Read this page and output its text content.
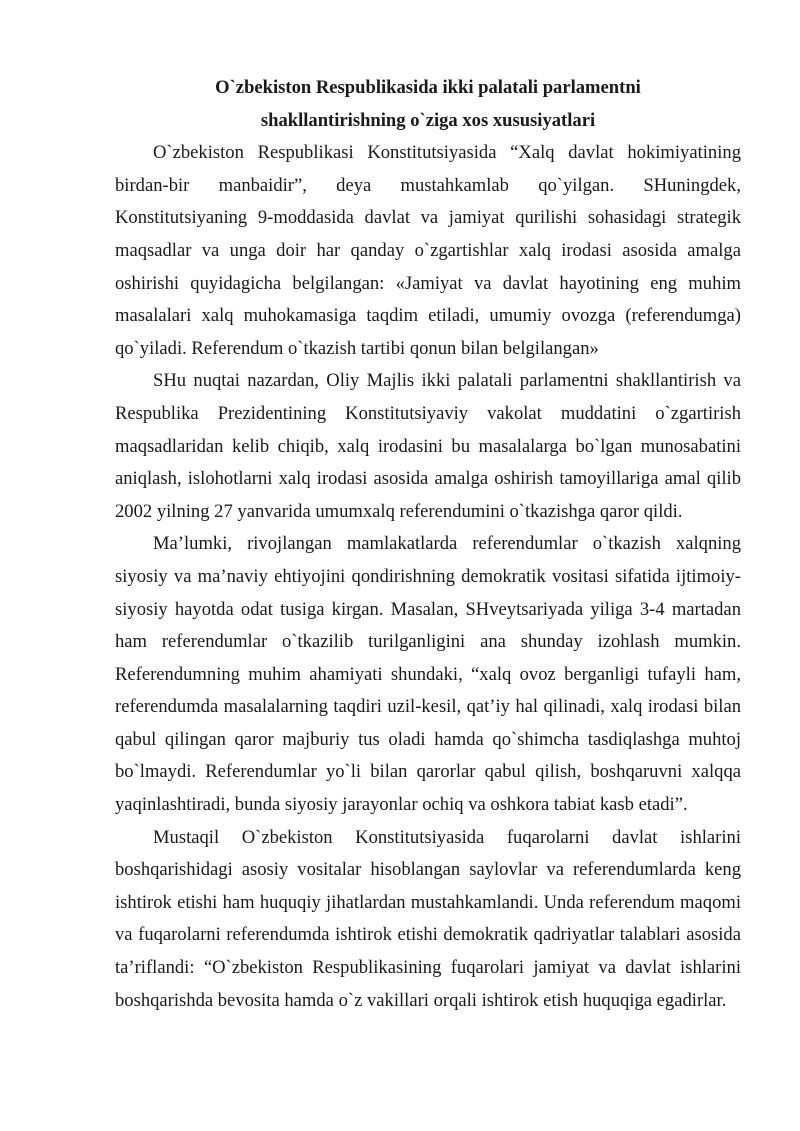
O`zbekiston Respublikasida ikki palatali parlamentni

shakllantirishning o`ziga xos xususiyatlari

O`zbekiston Respublikasi Konstitutsiyasida “Xalq davlat hokimiyatining birdan-bir manbaidir”, deya mustahkamlab qo`yilgan. SHuningdek, Konstitutsiyaning 9-moddasida davlat va jamiyat qurilishi sohasidagi strategik maqsadlar va unga doir har qanday o`zgartishlar xalq irodasi asosida amalga oshirishi quyidagicha belgilangan: «Jamiyat va davlat hayotining eng muhim masalalari xalq muhokamasiga taqdim etiladi, umumiy ovozga (referendumga) qo`yiladi. Referendum o`tkazish tartibi qonun bilan belgilangan»

SHu nuqtai nazardan, Oliy Majlis ikki palatali parlamentni shakllantirish va Respublika Prezidentining Konstitutsiyaviy vakolat muddatini o`zgartirish maqsadlaridan kelib chiqib, xalq irodasini bu masalalarga bo`lgan munosabatini aniqlash, islohotlarni xalq irodasi asosida amalga oshirish tamoyillariga amal qilib 2002 yilning 27 yanvarida umumxalq referendumini o`tkazishga qaror qildi.

Ma’lumki, rivojlangan mamlakatlarda referendumlar o`tkazish xalqning siyosiy va ma’naviy ehtiyojini qondirishning demokratik vositasi sifatida ijtimoiy-siyosiy hayotda odat tusiga kirgan. Masalan, SHveytsariyada yiliga 3-4 martadan ham referendumlar o`tkazilib turilganligini ana shunday izohlash mumkin. Referendumning muhim ahamiyati shundaki, “xalq ovoz berganligi tufayli ham, referendumda masalalarning taqdiri uzil-kesil, qat’iy hal qilinadi, xalq irodasi bilan qabul qilingan qaror majburiy tus oladi hamda qo`shimcha tasdiqlashga muhtoj bo`lmaydi. Referendumlar yo`li bilan qarorlar qabul qilish, boshqaruvni xalqqa yaqinlashtiradi, bunda siyosiy jarayonlar ochiq va oshkora tabiat kasb etadi”.

Mustaqil O`zbekiston Konstitutsiyasida fuqarolarni davlat ishlarini boshqarishidagi asosiy vositalar hisoblangan saylovlar va referendumlarda keng ishtirok etishi ham huquqiy jihatlardan mustahkamlandi. Unda referendum maqomi va fuqarolarni referendumda ishtirok etishi demokratik qadriyatlar talablari asosida ta’riflandi: “O`zbekiston Respublikasining fuqarolari jamiyat va davlat ishlarini boshqarishda bevosita hamda o`z vakillari orqali ishtirok etish huquqiga egadirlar.
